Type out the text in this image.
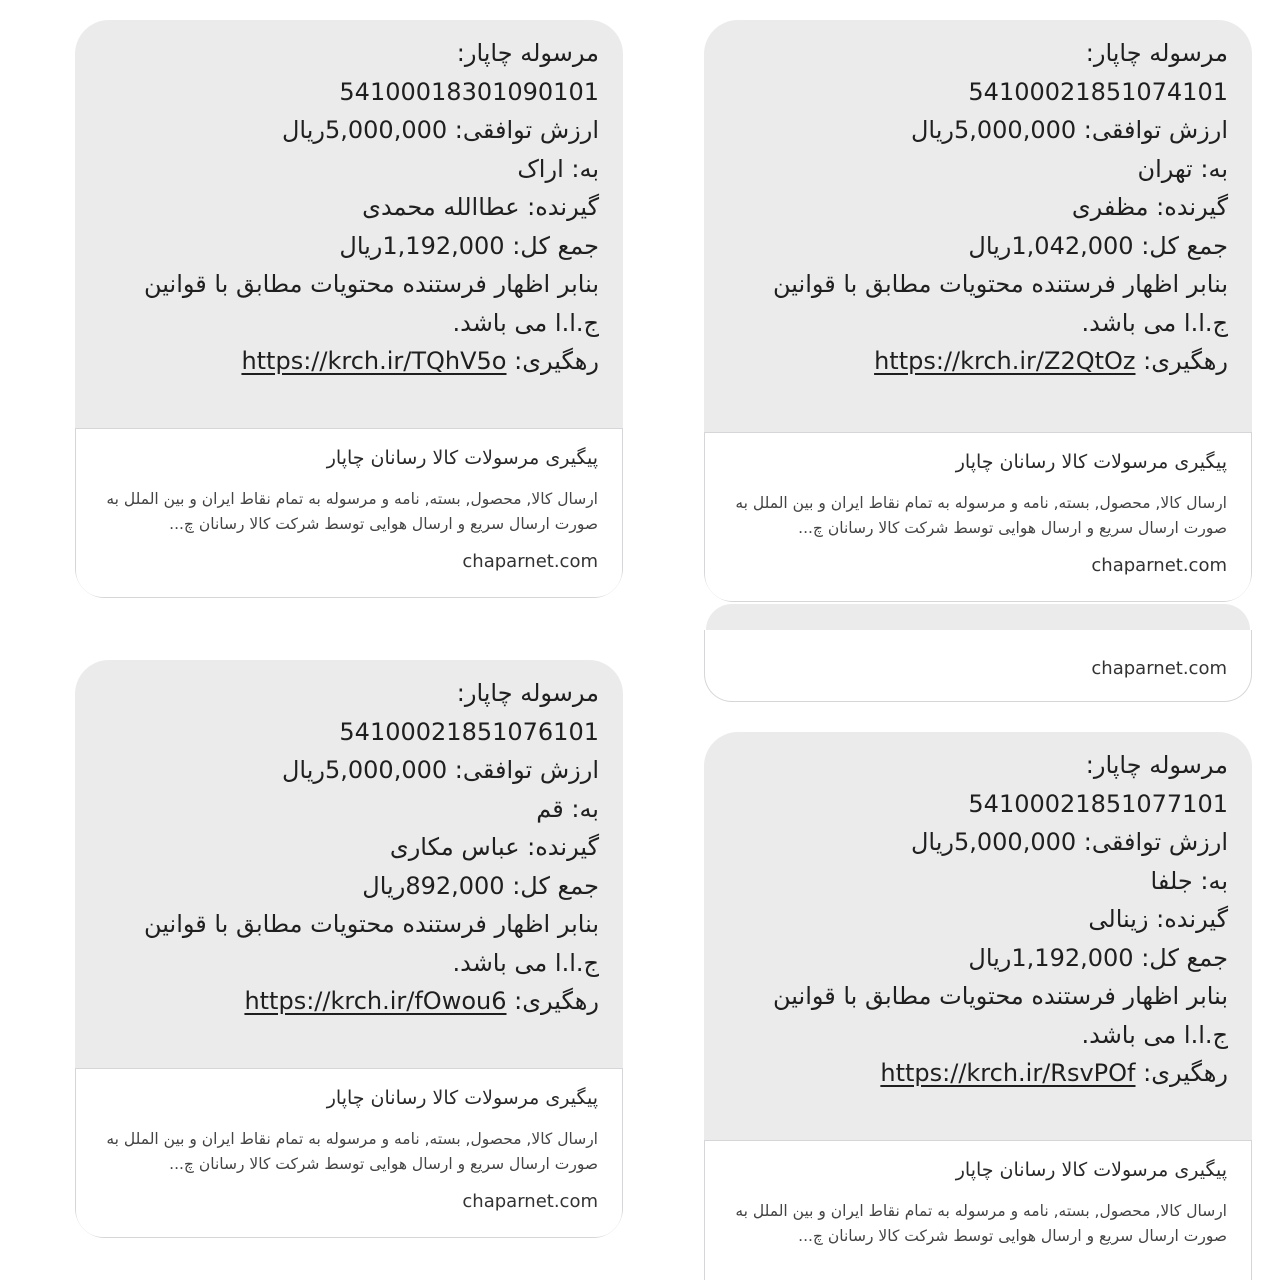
مرسوله چاپار:
54100018301090101
ارزش توافقی: 5,000,000ریال
به: اراک
گیرنده: عطاالله محمدی
جمع کل: 1,192,000ریال
بنابر اظهار فرستنده محتویات مطابق با قوانین ج.ا.ا می باشد.
رهگیری: https://krch.ir/TQhV5o
پیگیری مرسولات کالا رسانان چاپار
ارسال کالا, محصول, بسته, نامه و مرسوله به تمام نقاط ایران و بین الملل به صورت ارسال سریع و ارسال هوایی توسط شرکت کالا رسانان چ...
chaparnet.com
مرسوله چاپار:
54100021851074101
ارزش توافقی: 5,000,000ریال
به: تهران
گیرنده: مظفری
جمع کل: 1,042,000ریال
بنابر اظهار فرستنده محتویات مطابق با قوانین ج.ا.ا می باشد.
رهگیری: https://krch.ir/Z2QtOz
پیگیری مرسولات کالا رسانان چاپار
ارسال کالا, محصول, بسته, نامه و مرسوله به تمام نقاط ایران و بین الملل به صورت ارسال سریع و ارسال هوایی توسط شرکت کالا رسانان چ...
chaparnet.com
chaparnet.com
مرسوله چاپار:
54100021851076101
ارزش توافقی: 5,000,000ریال
به: قم
گیرنده: عباس مکاری
جمع کل: 892,000ریال
بنابر اظهار فرستنده محتویات مطابق با قوانین ج.ا.ا می باشد.
رهگیری: https://krch.ir/fOwou6
پیگیری مرسولات کالا رسانان چاپار
ارسال کالا, محصول, بسته, نامه و مرسوله به تمام نقاط ایران و بین الملل به صورت ارسال سریع و ارسال هوایی توسط شرکت کالا رسانان چ...
chaparnet.com
مرسوله چاپار:
54100021851077101
ارزش توافقی: 5,000,000ریال
به: جلفا
گیرنده: زینالی
جمع کل: 1,192,000ریال
بنابر اظهار فرستنده محتویات مطابق با قوانین ج.ا.ا می باشد.
رهگیری: https://krch.ir/RsvPOf
پیگیری مرسولات کالا رسانان چاپار
ارسال کالا, محصول, بسته, نامه و مرسوله به تمام نقاط ایران و بین الملل به صورت ارسال سریع و ارسال هوایی توسط شرکت کالا رسانان چ...
